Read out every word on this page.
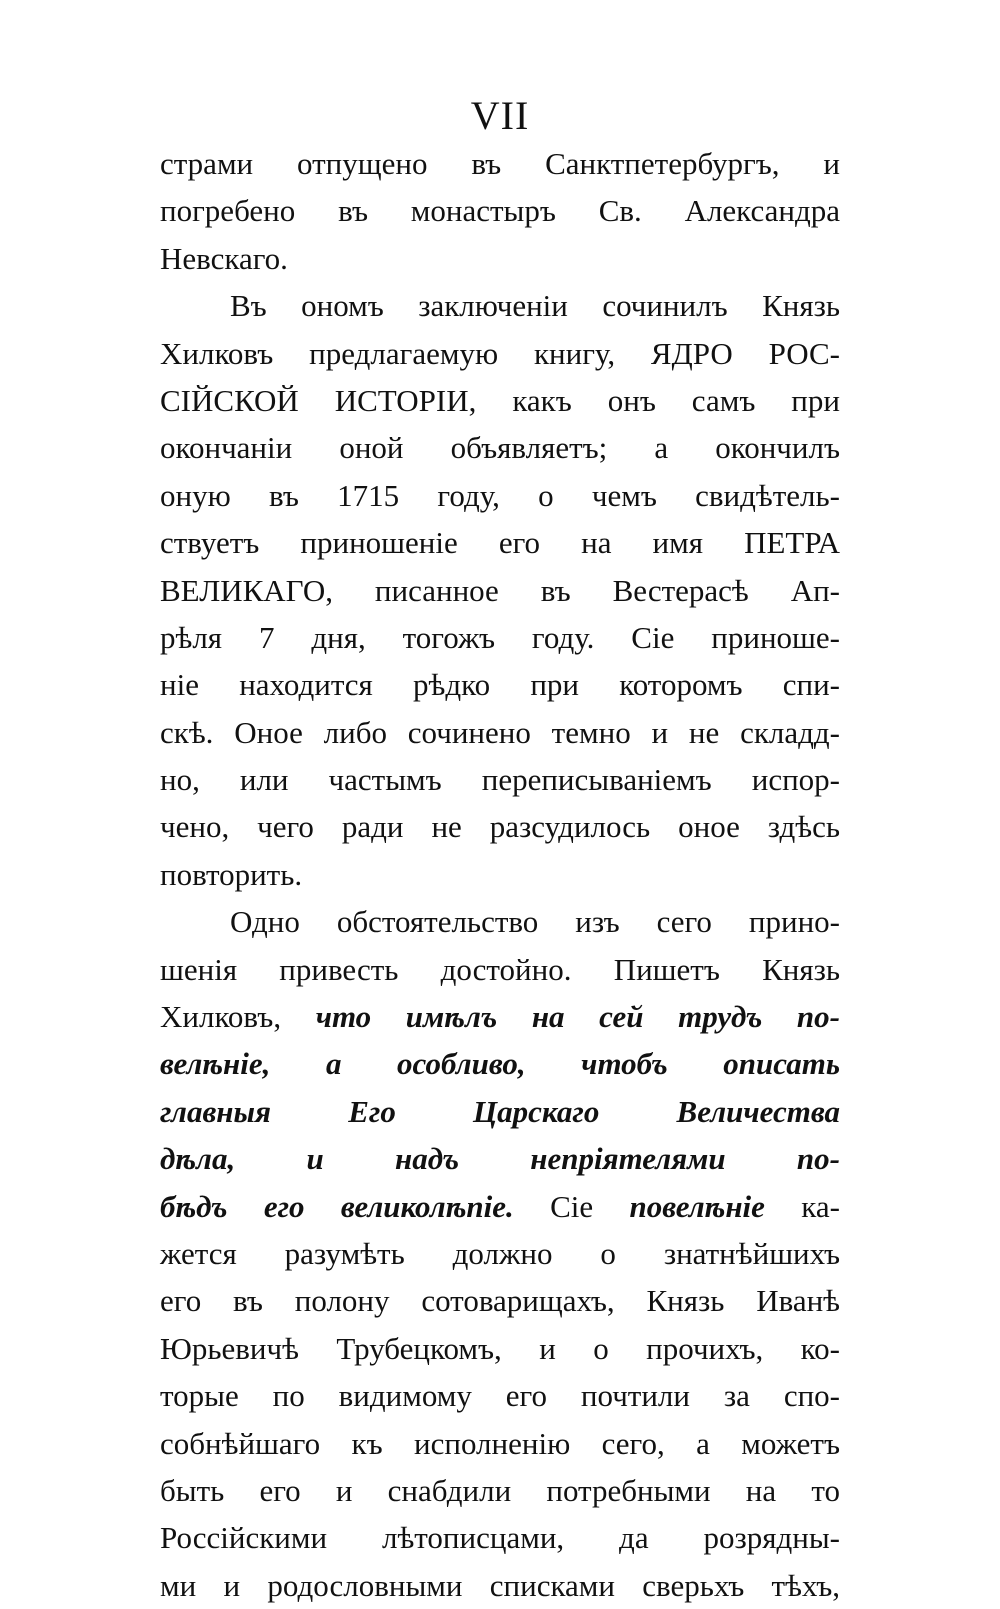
VII
страми отпущено въ Санктпетербургъ, и
погребено въ монастыръ Св. Александра
Невскаго.
Въ ономъ заключеніи сочинилъ Князь
Хилковъ предлагаемую книгу, ЯДРО РОС-
СІЙСКОЙ ИСТОРІИ, какъ онъ самъ при
окончаніи оной объявляетъ; а окончилъ
оную въ 1715 году, о чемъ свидѣтель-
ствуетъ приношеніе его на имя ПЕТРА
ВЕЛИКАГО, писанное въ Вестерасѣ Ап-
рѣля 7 дня, тогожъ году. Сіе приноше-
ніе находится рѣдко при которомъ спи-
скѣ. Оное либо сочинено темно и не складд-
но, или частымъ переписываніемъ испор-
чено, чего ради не разсудилось оное здѣсь
повторить.
Одно обстоятельство изъ сего прино-
шенія привесть достойно. Пишетъ Князь
Хилковъ, что имѣлъ на сей трудъ по-
велѣніе, а особливо, чтобъ описать
главныя Его Царскаго Величества
дѣла, и надъ непріятелями по-
бѣдъ его великолѣпіе. Сіе повелѣніе ка-
жется разумѣть должно о знатнѣйшихъ
его въ полону сотоварищахъ, Князь Иванѣ
Юрьевичѣ Трубецкомъ, и о прочихъ, ко-
торые по видимому его почтили за спо-
собнѣйшаго къ исполненію сего, а можетъ
быть его и снабдили потребными на то
Россійскими лѣтописцами, да розрядны-
ми и родословными списками сверьхъ тѣхъ,
